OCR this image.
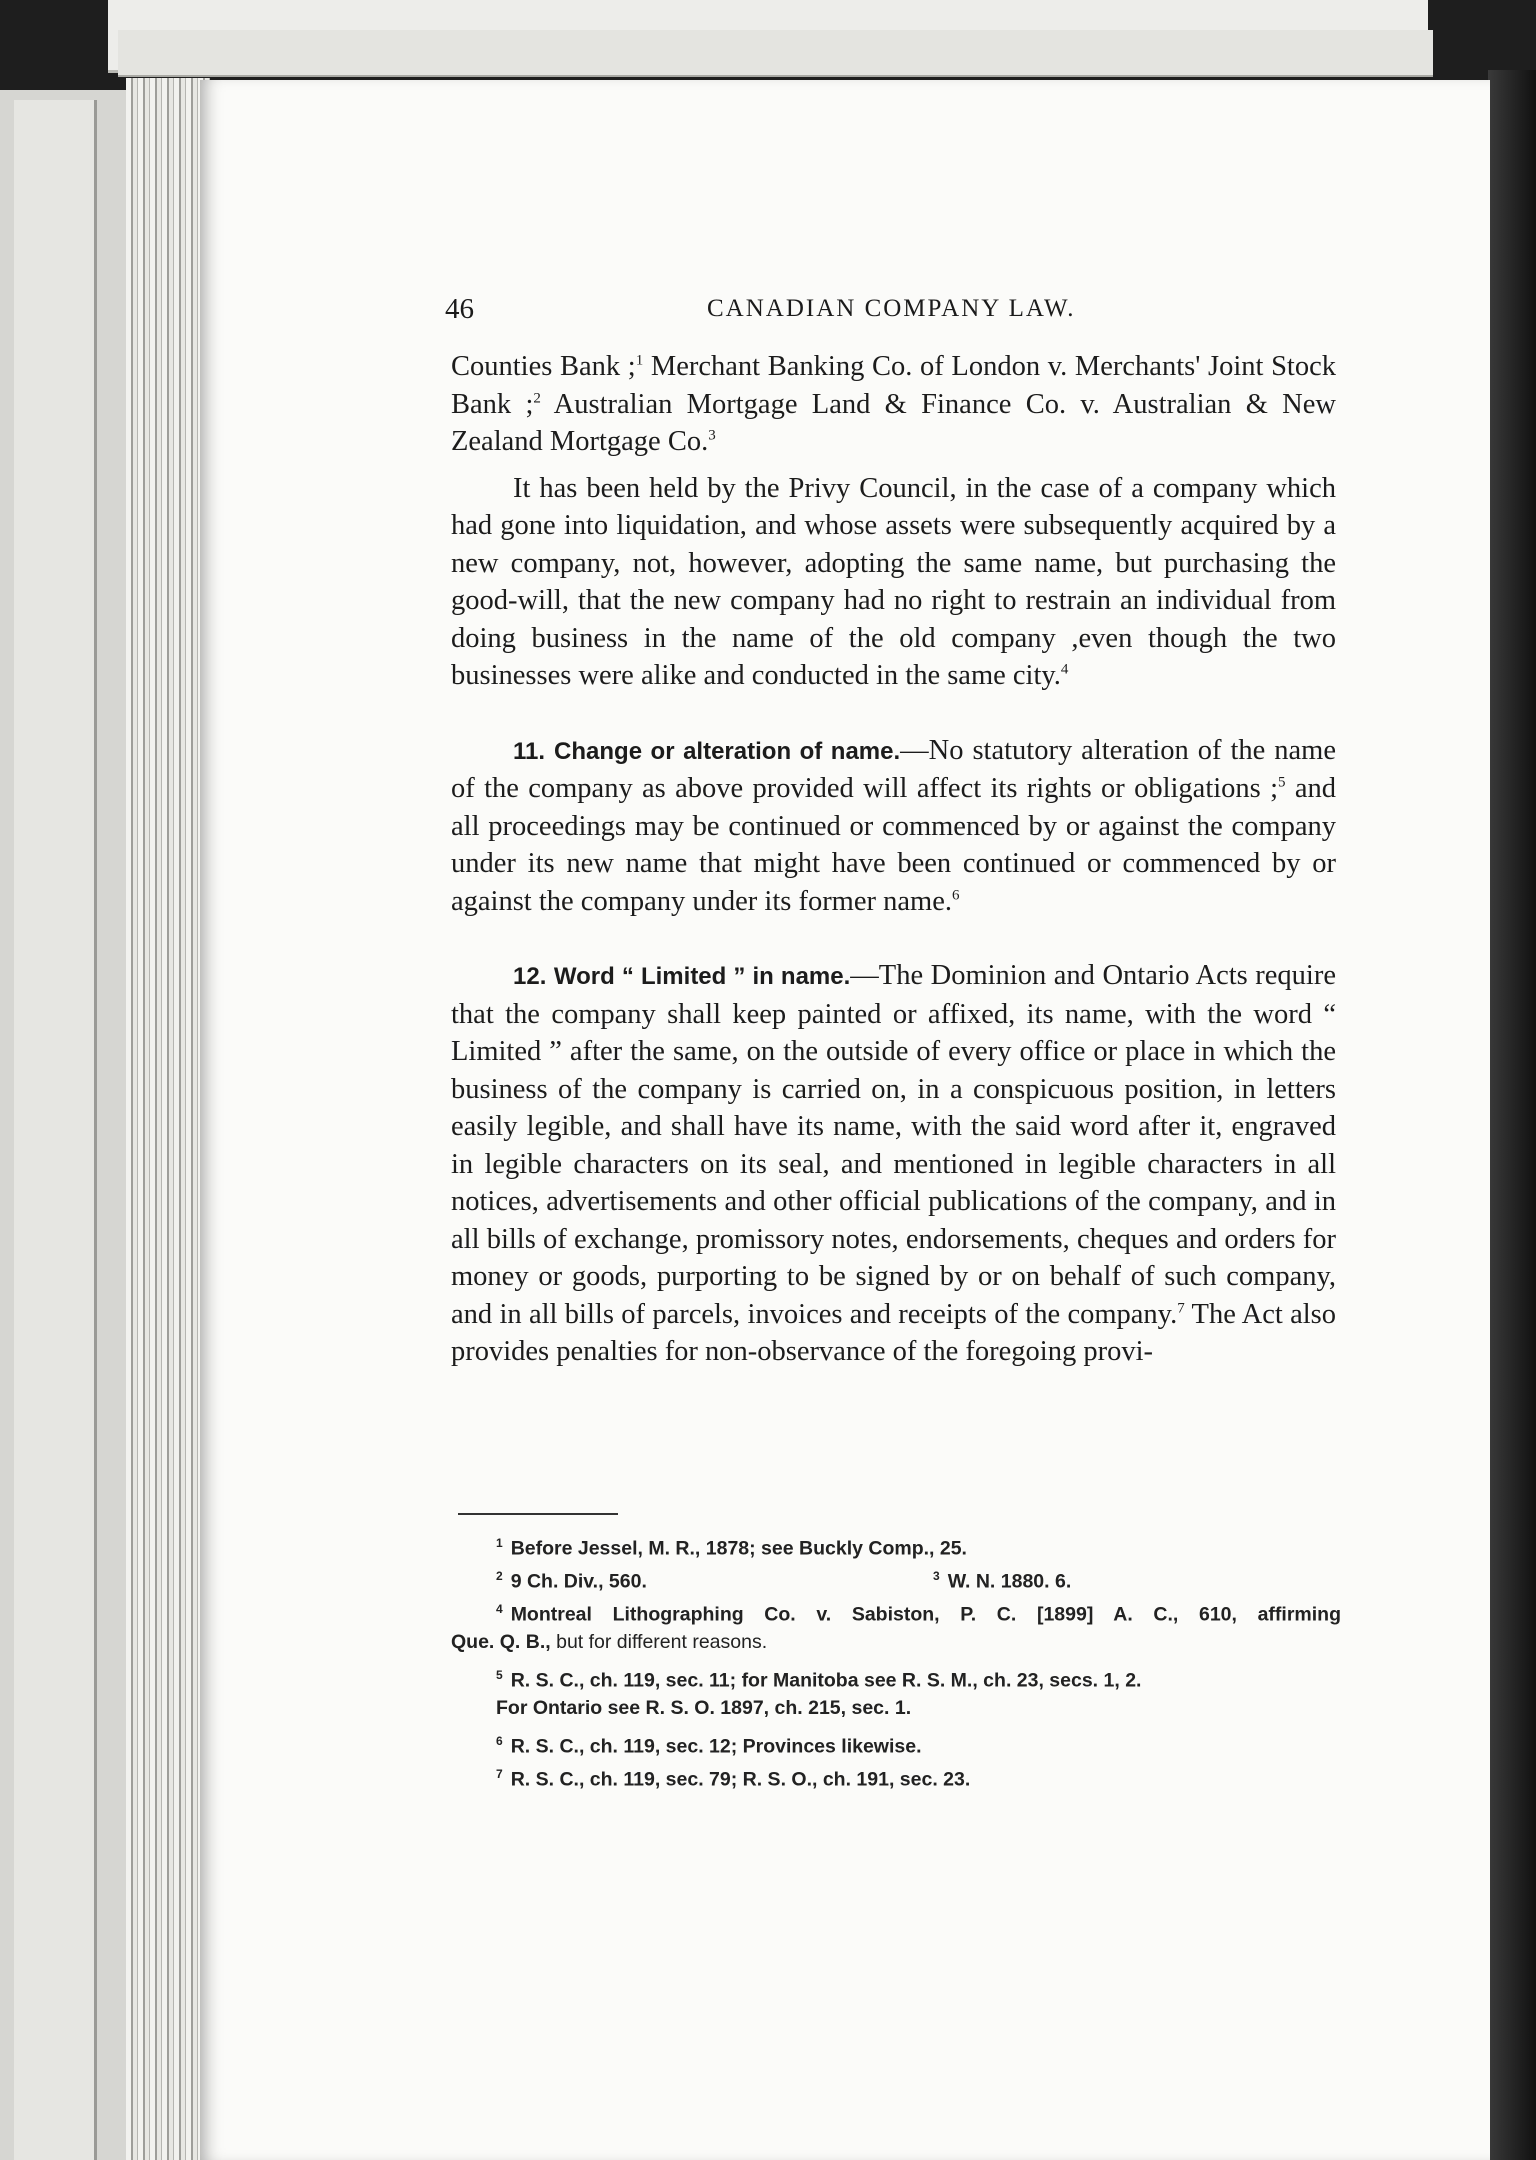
46	CANADIAN COMPANY LAW.

Counties Bank ;$^1$ Merchant Banking Co. of London v. Merchants' Joint Stock Bank ;$^2$ Australian Mortgage Land & Finance Co. v. Australian & New Zealand Mortgage Co.$^3$

It has been held by the Privy Council, in the case of a company which had gone into liquidation, and whose assets were subsequently acquired by a new company, not, however, adopting the same name, but purchasing the good-will, that the new company had no right to restrain an individual from doing business in the name of the old company ,even though the two businesses were alike and conducted in the same city.$^4$

11. Change or alteration of name.—No statutory alteration of the name of the company as above provided will affect its rights or obligations ;$^5$ and all proceedings may be continued or commenced by or against the company under its new name that might have been continued or commenced by or against the company under its former name.$^6$

12. Word “ Limited ” in name.—The Dominion and Ontario Acts require that the company shall keep painted or affixed, its name, with the word “ Limited ” after the same, on the outside of every office or place in which the business of the company is carried on, in a conspicuous position, in letters easily legible, and shall have its name, with the said word after it, engraved in legible characters on its seal, and mentioned in legible characters in all notices, advertisements and other official publications of the company, and in all bills of exchange, promissory notes, endorsements, cheques and orders for money or goods, purporting to be signed by or on behalf of such company, and in all bills of parcels, invoices and receipts of the company.$^7$ The Act also provides penalties for non-observance of the foregoing provi-

$^1$ Before Jessel, M. R., 1878; see Buckly Comp., 25.
$^2$ 9 Ch. Div., 560.	$^3$ W. N. 1880. 6.
$^4$ Montreal Lithographing Co. v. Sabiston, P. C. [1899] A. C., 610, affirming
Que. Q. B., but for different reasons.
$^5$ R. S. C., ch. 119, sec. 11; for Manitoba see R. S. M., ch. 23, secs. 1, 2.
For Ontario see R. S. O. 1897, ch. 215, sec. 1.
$^6$ R. S. C., ch. 119, sec. 12; Provinces likewise.
$^7$ R. S. C., ch. 119, sec. 79; R. S. O., ch. 191, sec. 23.
